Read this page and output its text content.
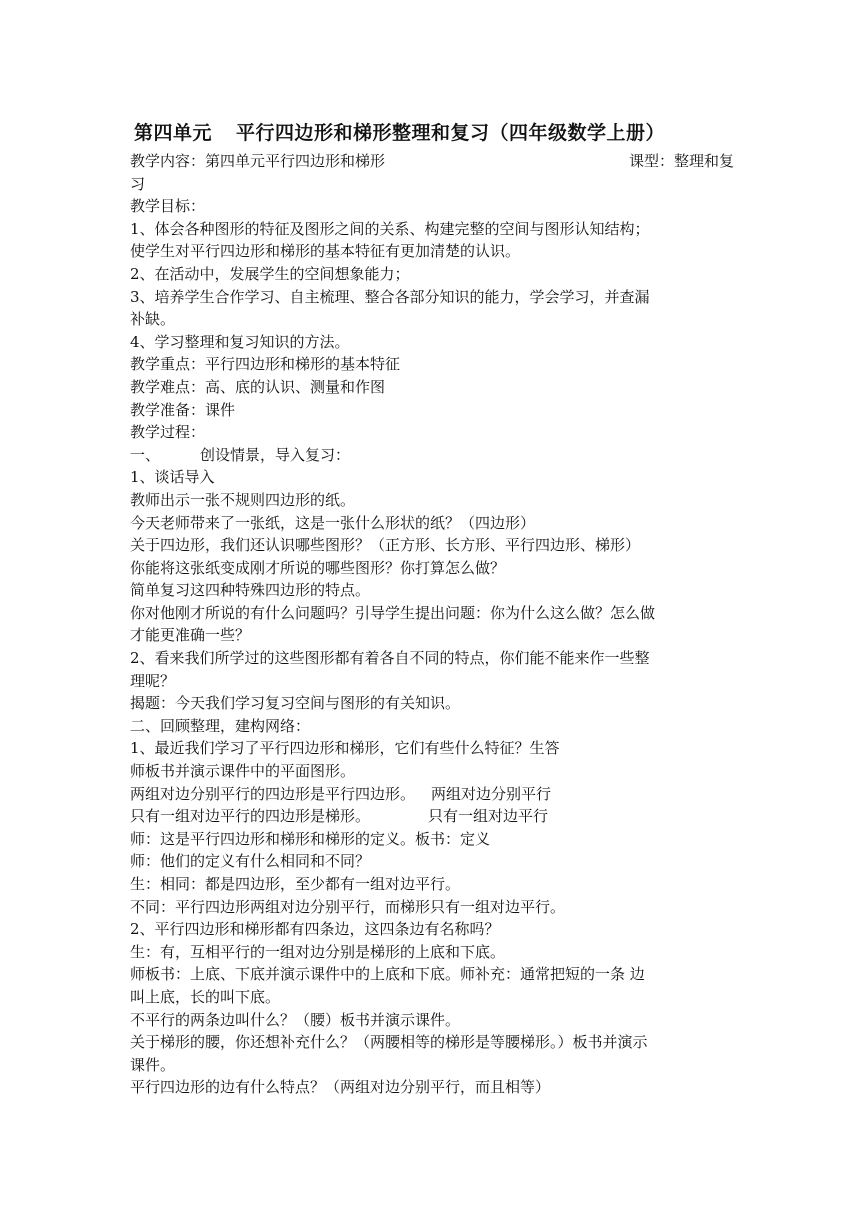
第四单元 平行四边形和梯形整理和复习（四年级数学上册）
教学内容：第四单元平行四边形和梯形	课型：整理和复
习
教学目标：
1、体会各种图形的特征及图形之间的关系、构建完整的空间与图形认知结构；
使学生对平行四边形和梯形的基本特征有更加清楚的认识。
2、在活动中，发展学生的空间想象能力；
3、培养学生合作学习、自主梳理、整合各部分知识的能力，学会学习，并查漏
补缺。
4、学习整理和复习知识的方法。
教学重点：平行四边形和梯形的基本特征
教学难点：高、底的认识、测量和作图
教学准备：课件
教学过程：
一、	创设情景，导入复习：
1、谈话导入
教师出示一张不规则四边形的纸。
今天老师带来了一张纸，这是一张什么形状的纸？（四边形）
关于四边形，我们还认识哪些图形？（正方形、长方形、平行四边形、梯形）
你能将这张纸变成刚才所说的哪些图形？你打算怎么做？
简单复习这四种特殊四边形的特点。
你对他刚才所说的有什么问题吗？引导学生提出问题：你为什么这么做？怎么做
才能更准确一些？
2、看来我们所学过的这些图形都有着各自不同的特点，你们能不能来作一些整
理呢？
揭题：今天我们学习复习空间与图形的有关知识。
二、回顾整理，建构网络：
1、最近我们学习了平行四边形和梯形，它们有些什么特征？生答
师板书并演示课件中的平面图形。
两组对边分别平行的四边形是平行四边形。 两组对边分别平行
只有一组对边平行的四边形是梯形。	只有一组对边平行
师：这是平行四边形和梯形和梯形的定义。板书：定义
师：他们的定义有什么相同和不同？
生：相同：都是四边形，至少都有一组对边平行。
不同：平行四边形两组对边分别平行，而梯形只有一组对边平行。
2、平行四边形和梯形都有四条边，这四条边有名称吗？
生：有，互相平行的一组对边分别是梯形的上底和下底。
师板书：上底、下底并演示课件中的上底和下底。师补充：通常把短的一条 边
叫上底，长的叫下底。
不平行的两条边叫什么？（腰）板书并演示课件。
关于梯形的腰，你还想补充什么？（两腰相等的梯形是等腰梯形。）板书并演示
课件。
平行四边形的边有什么特点？（两组对边分别平行，而且相等）
